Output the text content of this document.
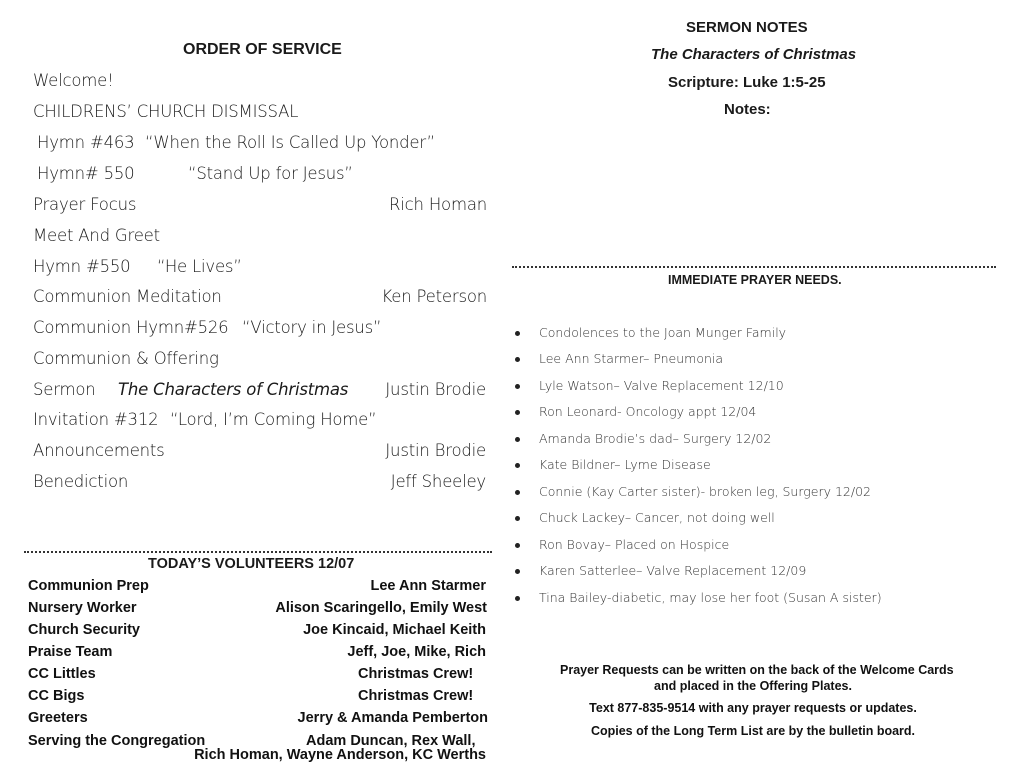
ORDER OF SERVICE
Welcome!
CHILDRENS’ CHURCH DISMISSAL
Hymn #463 “When the Roll Is Called Up Yonder”
Hymn# 550	“Stand Up for Jesus”
Prayer Focus	Rich Homan
Meet And Greet
Hymn #550 “He Lives”
Communion Meditation	Ken Peterson
Communion Hymn#526 “Victory in Jesus”
Communion & Offering
Sermon The Characters of Christmas Justin Brodie
Invitation #312 “Lord, I’m Coming Home”
Announcements	Justin Brodie
Benediction	Jeff Sheeley
TODAY’S VOLUNTEERS 12/07
Communion Prep	Lee Ann Starmer
Nursery Worker	Alison Scaringello, Emily West
Church Security	Joe Kincaid, Michael Keith
Praise Team	Jeff, Joe, Mike, Rich
CC Littles	Christmas Crew!
CC Bigs	Christmas Crew!
Greeters	Jerry & Amanda Pemberton
Serving the Congregation	Adam Duncan, Rex Wall,
Rich Homan, Wayne Anderson, KC Werths
SERMON NOTES
The Characters of Christmas
Scripture: Luke 1:5-25
Notes:
IMMEDIATE PRAYER NEEDS.
Condolences to the Joan Munger Family
Lee Ann Starmer– Pneumonia
Lyle Watson– Valve Replacement 12/10
Ron Leonard- Oncology appt 12/04
Amanda Brodie’s dad– Surgery 12/02
Kate Bildner– Lyme Disease
Connie (Kay Carter sister)- broken leg, Surgery 12/02
Chuck Lackey– Cancer, not doing well
Ron Bovay– Placed on Hospice
Karen Satterlee– Valve Replacement 12/09
Tina Bailey-diabetic, may lose her foot (Susan A sister)
Prayer Requests can be written on the back of the Welcome Cards
and placed in the Offering Plates.
Text 877-835-9514 with any prayer requests or updates.
Copies of the Long Term List are by the bulletin board.
